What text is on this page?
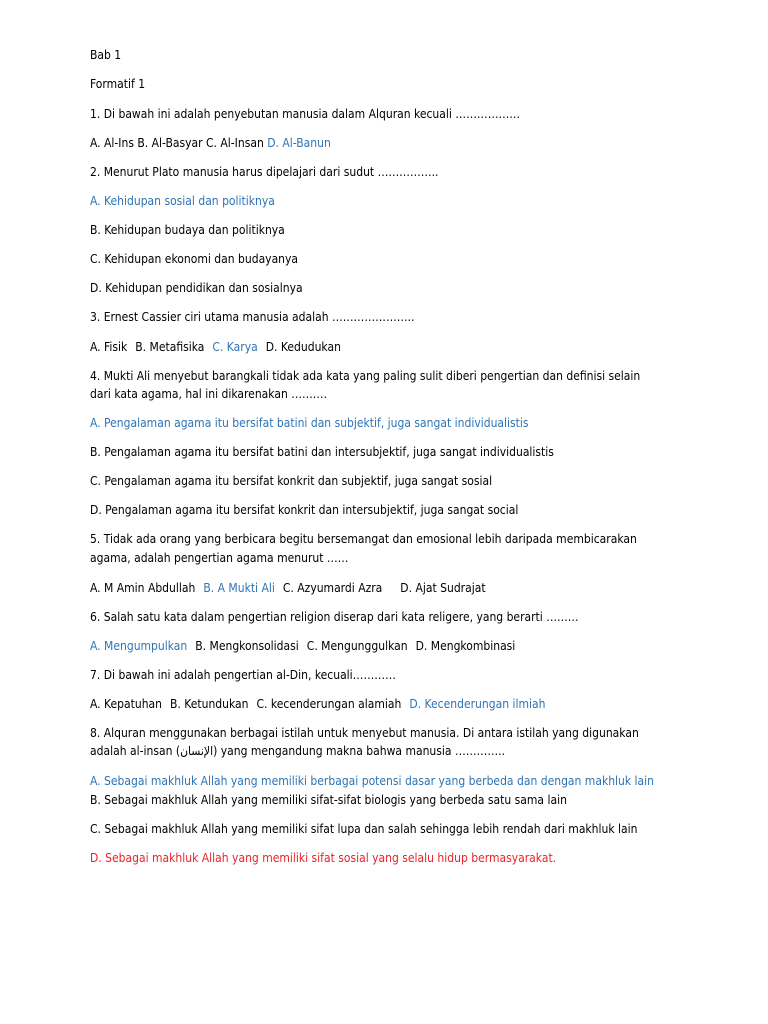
Bab 1
Formatif 1
1. Di bawah ini adalah penyebutan manusia dalam Alquran kecuali ………………
A. Al-Ins B. Al-Basyar C. Al-Insan D. Al-Banun
2. Menurut Plato manusia harus dipelajari dari sudut ……………..
A. Kehidupan sosial dan politiknya
B. Kehidupan budaya dan politiknya
C. Kehidupan ekonomi dan budayanya
D. Kehidupan pendidikan dan sosialnya
3. Ernest Cassier ciri utama manusia adalah …………………..
A. Fisik B. Metafisika C. Karya D. Kedudukan
4. Mukti Ali menyebut barangkali tidak ada kata yang paling sulit diberi pengertian dan definisi selain
dari kata agama, hal ini dikarenakan ……….
A. Pengalaman agama itu bersifat batini dan subjektif, juga sangat individualistis
B. Pengalaman agama itu bersifat batini dan intersubjektif, juga sangat individualistis
C. Pengalaman agama itu bersifat konkrit dan subjektif, juga sangat sosial
D. Pengalaman agama itu bersifat konkrit dan intersubjektif, juga sangat social
5. Tidak ada orang yang berbicara begitu bersemangat dan emosional lebih daripada membicarakan
agama, adalah pengertian agama menurut ……
A. M Amin Abdullah B. A Mukti Ali C. Azyumardi Azra D. Ajat Sudrajat
6. Salah satu kata dalam pengertian religion diserap dari kata religere, yang berarti ………
A. Mengumpulkan B. Mengkonsolidasi C. Mengunggulkan D. Mengkombinasi
7. Di bawah ini adalah pengertian al-Din, kecuali…………
A. Kepatuhan B. Ketundukan C. kecenderungan alamiah D. Kecenderungan ilmiah
8. Alquran menggunakan berbagai istilah untuk menyebut manusia. Di antara istilah yang digunakan
adalah al-insan (الإنسان) yang mengandung makna bahwa manusia …………..
A. Sebagai makhluk Allah yang memiliki berbagai potensi dasar yang berbeda dan dengan makhluk lain
B. Sebagai makhluk Allah yang memiliki sifat-sifat biologis yang berbeda satu sama lain
C. Sebagai makhluk Allah yang memiliki sifat lupa dan salah sehingga lebih rendah dari makhluk lain
D. Sebagai makhluk Allah yang memiliki sifat sosial yang selalu hidup bermasyarakat.
